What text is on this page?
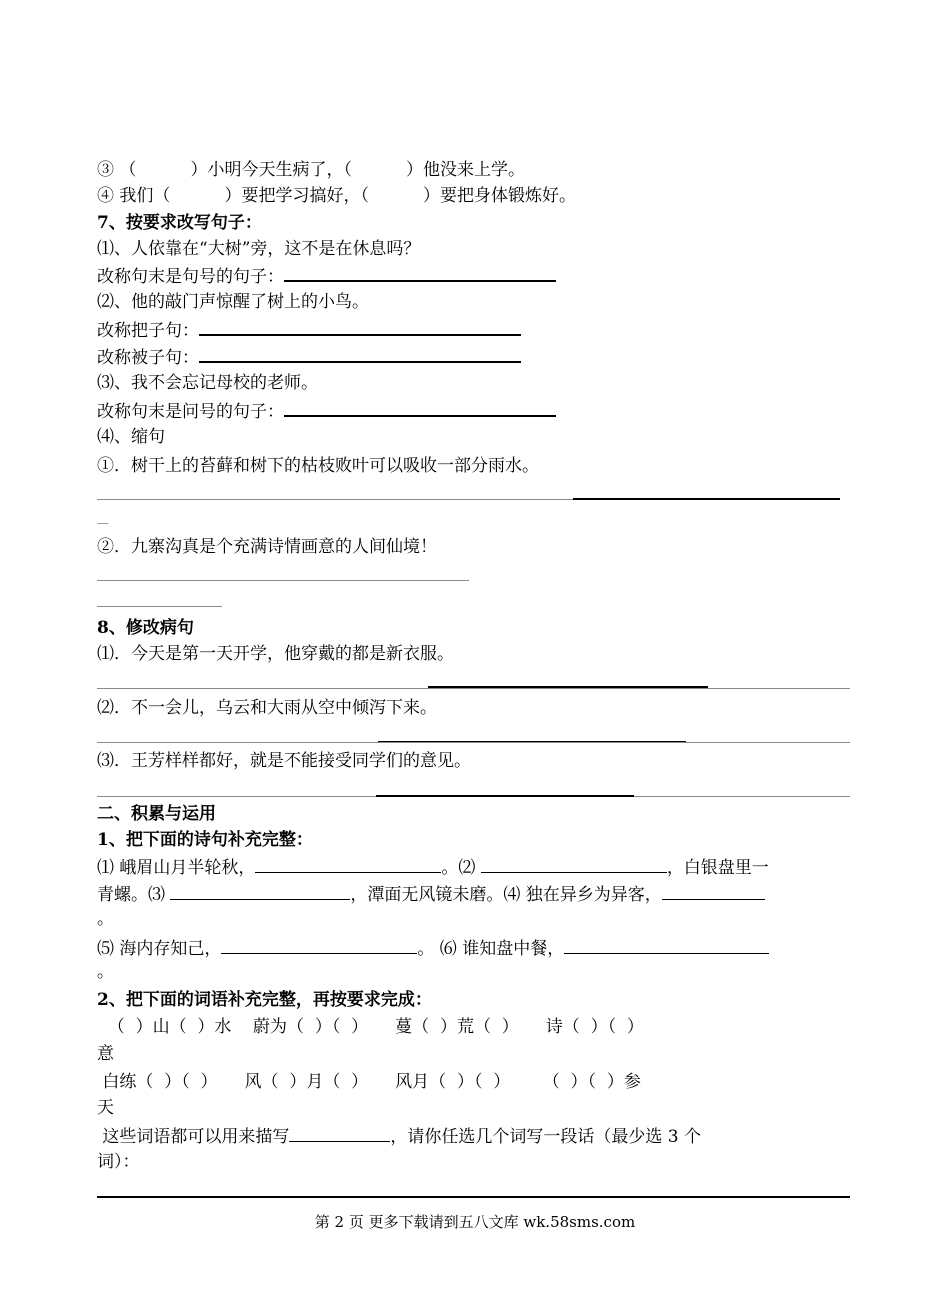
③ （          ）小明今天生病了，（          ）他没来上学。
④ 我们（          ）要把学习搞好，（          ）要把身体锻炼好。
7、按要求改写句子：
⑴、人依靠在“大树”旁，这不是在休息吗？
改称句末是句号的句子：
⑵、他的敲门声惊醒了树上的小鸟。
改称把子句：
改称被子句：
⑶、我不会忘记母校的老师。
改称句末是问号的句子：
⑷、缩句
①．树干上的苔藓和树下的枯枝败叶可以吸收一部分雨水。
—
②．九寨沟真是个充满诗情画意的人间仙境！
8、修改病句
⑴．今天是第一天开学，他穿戴的都是新衣服。
⑵．不一会儿，乌云和大雨从空中倾泻下来。
⑶．王芳样样都好，就是不能接受同学们的意见。
二、积累与运用
1、把下面的诗句补充完整：
⑴ 峨眉山月半轮秋，	。⑵	，白银盘里一
青螺。⑶	，潭面无风镜未磨。⑷ 独在异乡为异客，
。
⑸ 海内存知己，	。 ⑹ 谁知盘中餐，
。
2、把下面的词语补充完整，再按要求完成：
（  ）山（  ）水    蔚为（  ）（  ）     蔓（  ）荒（  ）     诗（  ）（  ）
意
白练（  ）（  ）     风（  ）月（  ）     风月（  ）（  ）      （  ）（  ）参
天
这些词语都可以用来描写	，请你任选几个词写一段话（最少选 3 个
词）：
第 2 页 更多下载请到五八文库 wk.58sms.com
